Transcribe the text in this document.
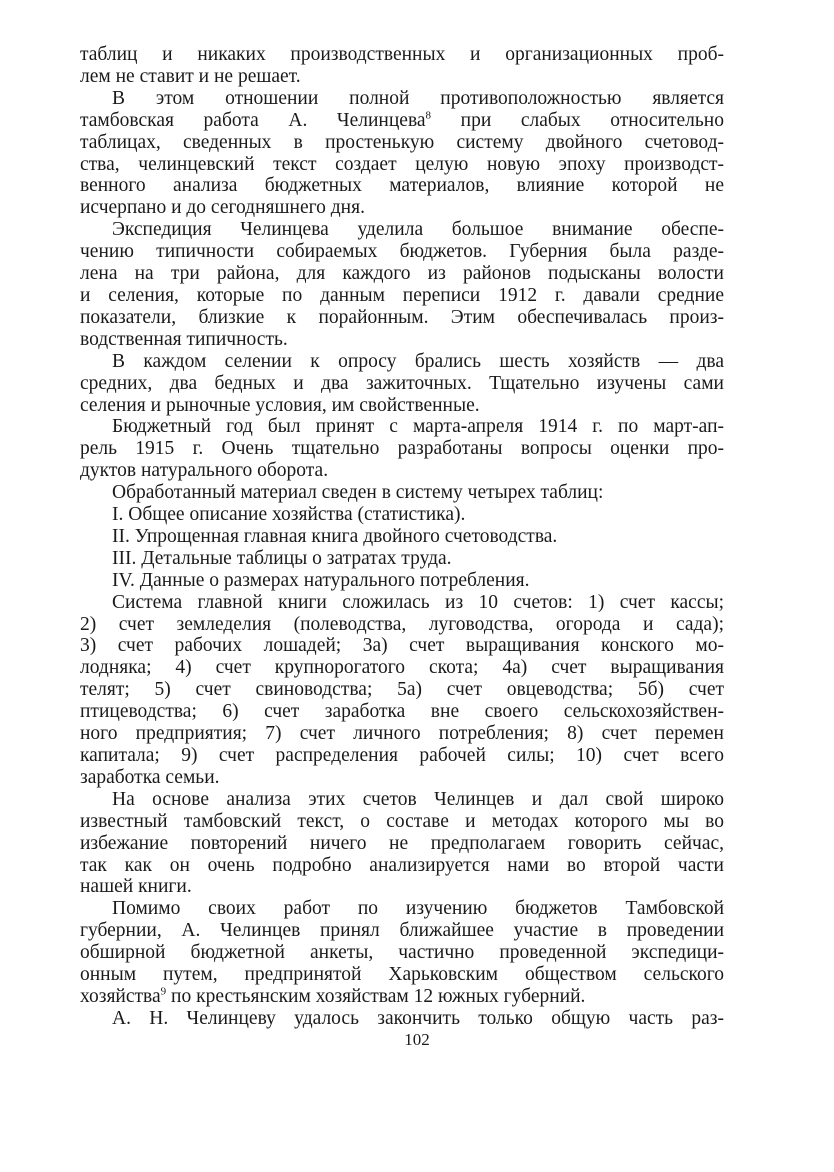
таблиц и никаких производственных и организационных проб-
лем не ставит и не решает.
В этом отношении полной противоположностью является
тамбовская работа А. Челинцева$^8$ при слабых относительно
таблицах, сведенных в простенькую систему двойного счетовод-
ства, челинцевский текст создает целую новую эпоху производст-
венного анализа бюджетных материалов, влияние которой не
исчерпано и до сегодняшнего дня.
Экспедиция Челинцева уделила большое внимание обеспе-
чению типичности собираемых бюджетов. Губерния была разде-
лена на три района, для каждого из районов подысканы волости
и селения, которые по данным переписи 1912 г. давали средние
показатели, близкие к порайонным. Этим обеспечивалась произ-
водственная типичность.
В каждом селении к опросу брались шесть хозяйств — два
средних, два бедных и два зажиточных. Тщательно изучены сами
селения и рыночные условия, им свойственные.
Бюджетный год был принят с марта-апреля 1914 г. по март-ап-
рель 1915 г. Очень тщательно разработаны вопросы оценки про-
дуктов натурального оборота.
Обработанный материал сведен в систему четырех таблиц:
I. Общее описание хозяйства (статистика).
II. Упрощенная главная книга двойного счетоводства.
III. Детальные таблицы о затратах труда.
IV. Данные о размерах натурального потребления.
Система главной книги сложилась из 10 счетов: 1) счет кассы;
2) счет земледелия (полеводства, луговодства, огорода и сада);
3) счет рабочих лошадей; 3а) счет выращивания конского мо-
лодняка; 4) счет крупнорогатого скота; 4а) счет выращивания
телят; 5) счет свиноводства; 5а) счет овцеводства; 5б) счет
птицеводства; 6) счет заработка вне своего сельскохозяйствен-
ного предприятия; 7) счет личного потребления; 8) счет перемен
капитала; 9) счет распределения рабочей силы; 10) счет всего
заработка семьи.
На основе анализа этих счетов Челинцев и дал свой широко
известный тамбовский текст, о составе и методах которого мы во
избежание повторений ничего не предполагаем говорить сейчас,
так как он очень подробно анализируется нами во второй части
нашей книги.
Помимо своих работ по изучению бюджетов Тамбовской
губернии, А. Челинцев принял ближайшее участие в проведении
обширной бюджетной анкеты, частично проведенной экспедици-
онным путем, предпринятой Харьковским обществом сельского
хозяйства$^9$ по крестьянским хозяйствам 12 южных губерний.
А. Н. Челинцеву удалось закончить только общую часть раз-
102
